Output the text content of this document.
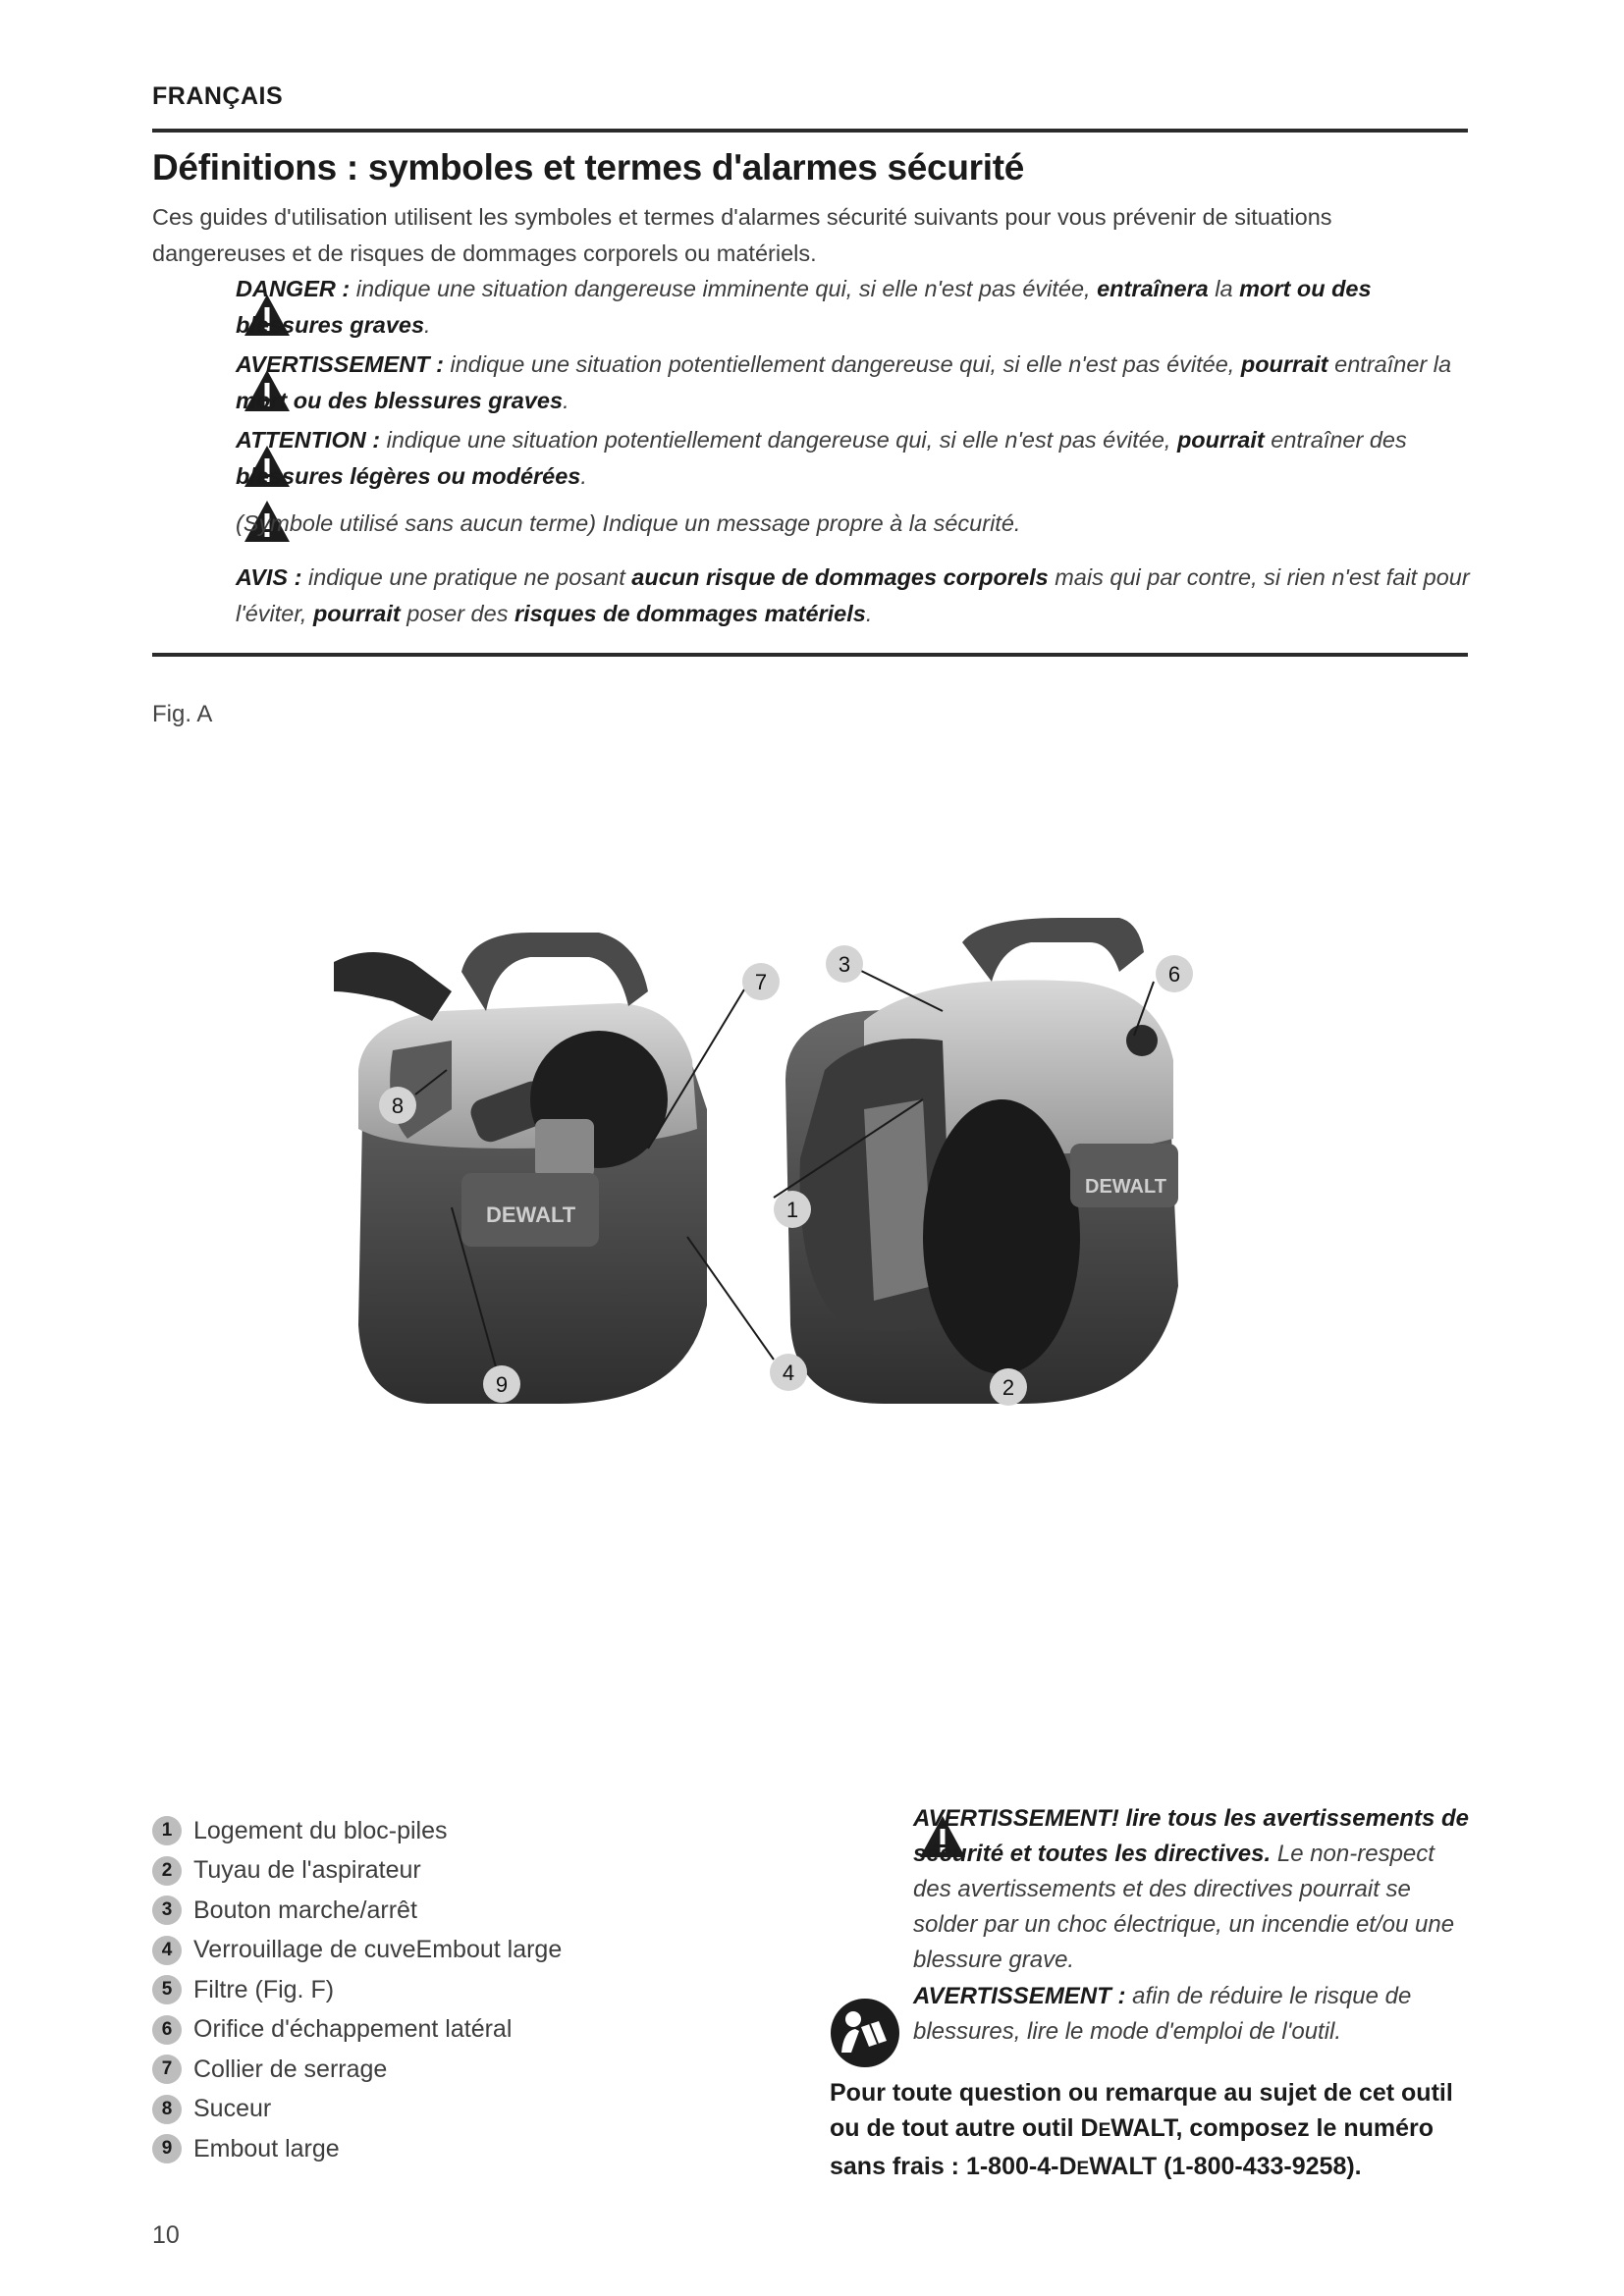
FRANÇAIS
Définitions : symboles et termes d'alarmes sécurité
Ces guides d'utilisation utilisent les symboles et termes d'alarmes sécurité suivants pour vous prévenir de situations
dangereuses et de risques de dommages corporels ou matériels.
DANGER : indique une situation dangereuse imminente qui, si elle n'est pas évitée, entraînera la mort ou des
blessures graves.
AVERTISSEMENT : indique une situation potentiellement dangereuse qui, si elle n'est pas évitée, pourrait entraîner la
mort ou des blessures graves.
ATTENTION : indique une situation potentiellement dangereuse qui, si elle n'est pas évitée, pourrait entraîner des
blessures légères ou modérées.
(Symbole utilisé sans aucun terme) Indique un message propre à la sécurité.
AVIS : indique une pratique ne posant aucun risque de dommages corporels mais qui par contre, si rien n'est fait pour
l'éviter, pourrait poser des risques de dommages matériels.
Fig. A
DEWALT
DEWALT
7
3	6
8
1
9	4
2
1 Logement du bloc-piles
2 Tuyau de l'aspirateur
3 Bouton marche/arrêt
4 Verrouillage de cuveEmbout large
5 Filtre (Fig. F)
6 Orifice d'échappement latéral
7 Collier de serrage
8 Suceur
9 Embout large
AVERTISSEMENT! lire tous les avertissements de
sécurité et toutes les directives. Le non-respect
des avertissements et des directives pourrait se
solder par un choc électrique, un incendie et/ou une
blessure grave.
AVERTISSEMENT : afin de réduire le risque de
blessures, lire le mode d'emploi de l'outil.
Pour toute question ou remarque au sujet de cet outil
ou de tout autre outil DEWALT, composez le numéro
sans frais : 1-800-4-DEWALT (1-800-433-9258).
10
